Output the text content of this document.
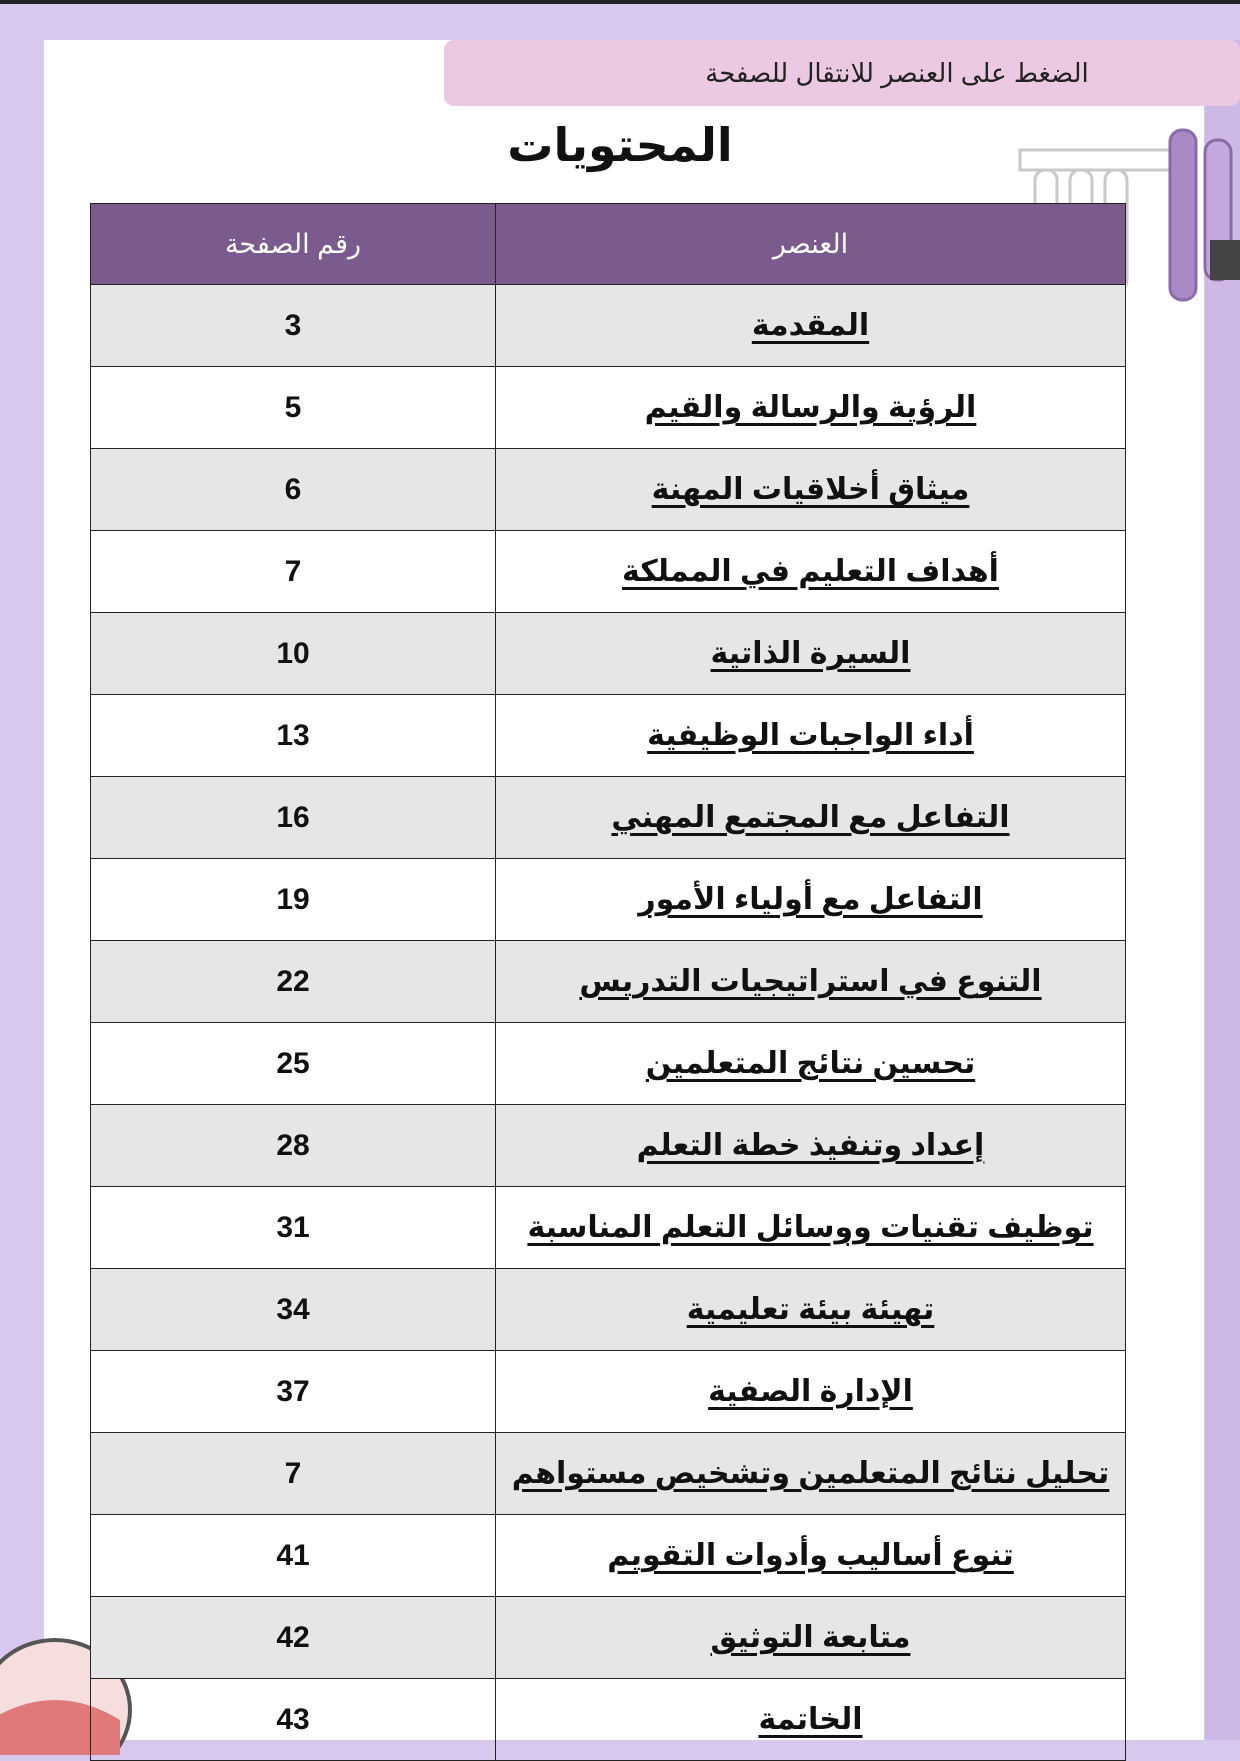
الضغط على العنصر للانتقال للصفحة
المحتويات
العنصر	رقم الصفحة
المقدمة	3
الرؤية والرسالة والقيم	5
ميثاق أخلاقيات المهنة	6
أهداف التعليم في المملكة	7
السيرة الذاتية	10
أداء الواجبات الوظيفية	13
التفاعل مع المجتمع المهني	16
التفاعل مع أولياء الأمور	19
التنوع في استراتيجيات التدريس	22
تحسين نتائج المتعلمين	25
إعداد وتنفيذ خطة التعلم	28
توظيف تقنيات ووسائل التعلم المناسبة	31
تهيئة بيئة تعليمية	34
الإدارة الصفية	37
تحليل نتائج المتعلمين وتشخيص مستواهم	7
تنوع أساليب وأدوات التقويم	41
متابعة التوثيق	42
الخاتمة	43
